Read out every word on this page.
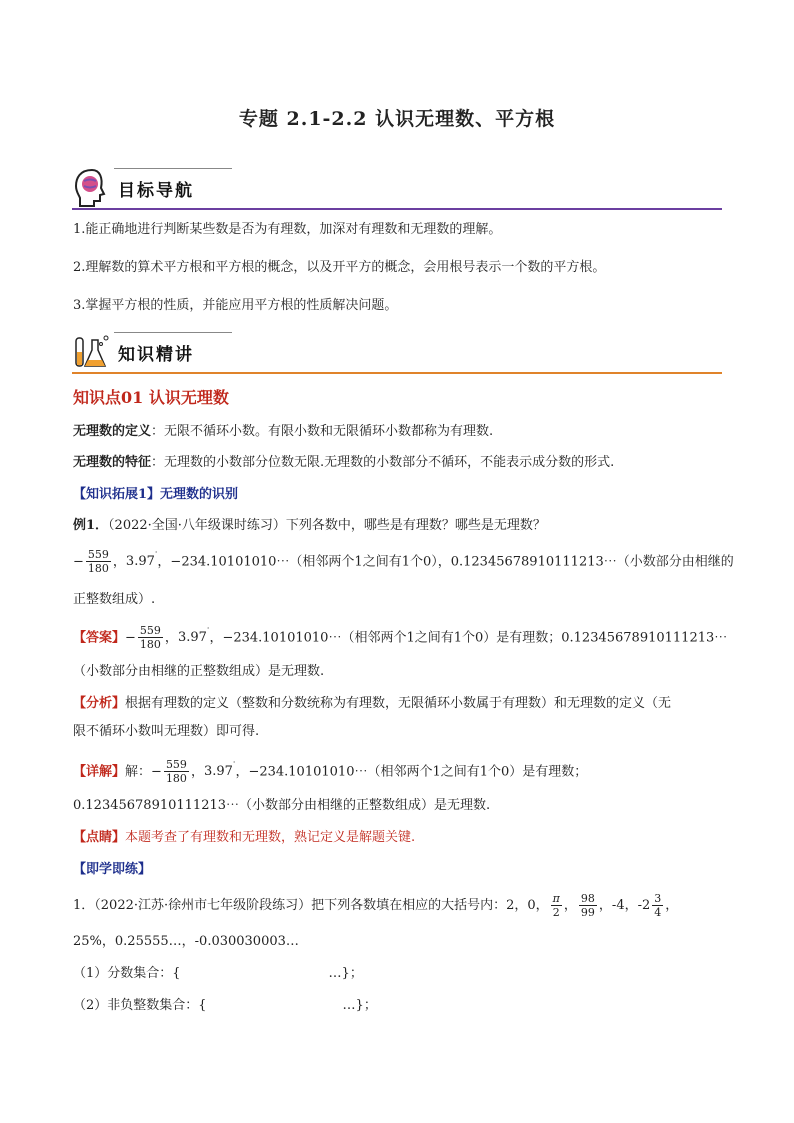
专题 2.1-2.2 认识无理数、平方根
目标导航
1.能正确地进行判断某些数是否为有理数，加深对有理数和无理数的理解。
2.理解数的算术平方根和平方根的概念，以及开平方的概念，会用根号表示一个数的平方根。
3.掌握平方根的性质，并能应用平方根的性质解决问题。
知识精讲
知识点01 认识无理数
无理数的定义：无限不循环小数。有限小数和无限循环小数都称为有理数.
无理数的特征：无理数的小数部分位数无限.无理数的小数部分不循环，不能表示成分数的形式.
【知识拓展1】无理数的识别
例1．（2022·全国·八年级课时练习）下列各数中，哪些是有理数？哪些是无理数？
− $\frac{559}{180}$ ，3.97·，−234.10101010⋯（相邻两个1之间有1个0），0.12345678910111213⋯（小数部分由相继的
正整数组成）.
【答案】− $\frac{559}{180}$ ，3.97·，−234.10101010⋯（相邻两个1之间有1个0）是有理数；0.12345678910111213⋯
（小数部分由相继的正整数组成）是无理数.
【分析】根据有理数的定义（整数和分数统称为有理数，无限循环小数属于有理数）和无理数的定义（无
限不循环小数叫无理数）即可得.
【详解】解：− $\frac{559}{180}$ ，3.97·，−234.10101010⋯（相邻两个1之间有1个0）是有理数；
0.12345678910111213⋯（小数部分由相继的正整数组成）是无理数.
【点睛】本题考查了有理数和无理数，熟记定义是解题关键.
【即学即练】
1．（2022·江苏·徐州市七年级阶段练习）把下列各数填在相应的大括号内：2，0， $\frac{\pi}{2}$ ， $\frac{98}{99}$ ，-4，$-2 \frac{3}{4}$ ，
25%，0.25555…，-0.030030003…
（1）分数集合：{	…}；
（2）非负整数集合：{	…}；
